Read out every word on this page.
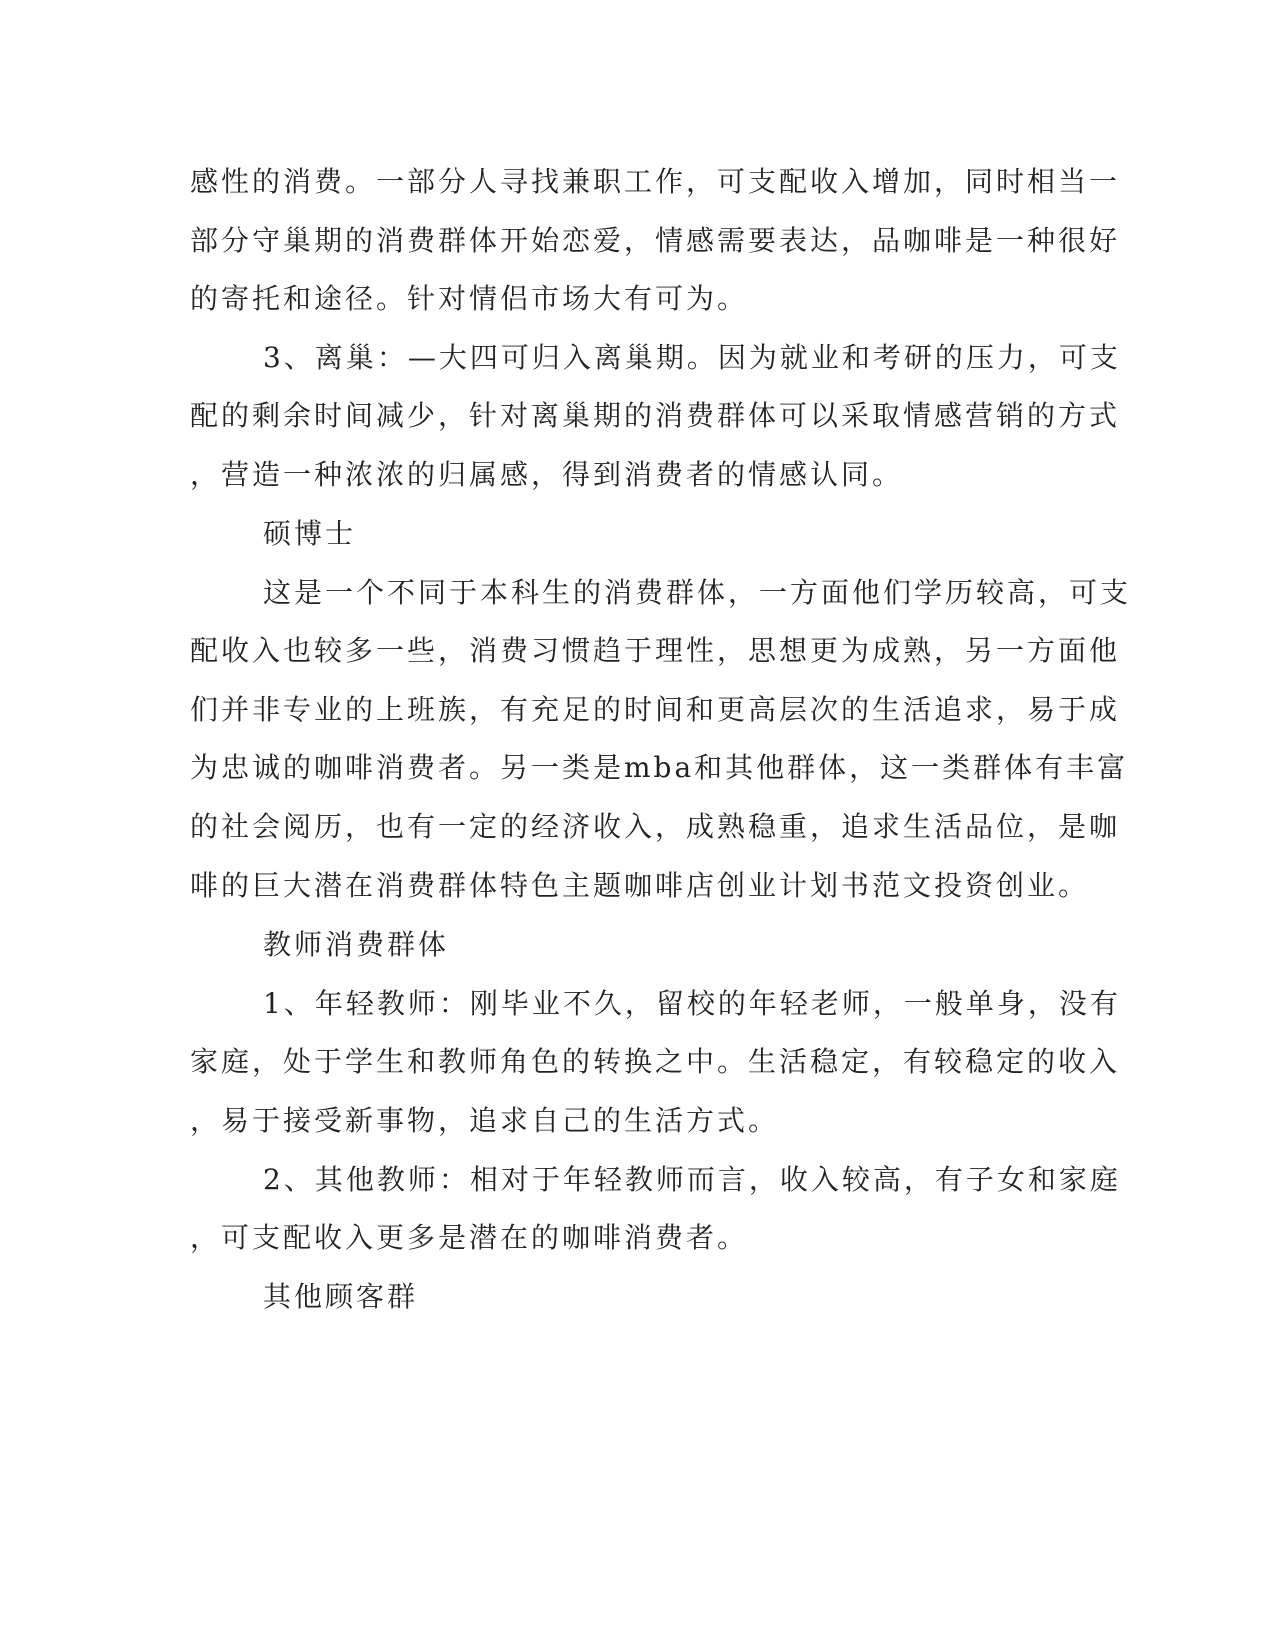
感性的消费。一部分人寻找兼职工作，可支配收入增加，同时相当一
部分守巢期的消费群体开始恋爱，情感需要表达，品咖啡是一种很好
的寄托和途径。针对情侣市场大有可为。
3、离巢：—大四可归入离巢期。因为就业和考研的压力，可支
配的剩余时间减少，针对离巢期的消费群体可以采取情感营销的方式
，营造一种浓浓的归属感，得到消费者的情感认同。
硕博士
这是一个不同于本科生的消费群体，一方面他们学历较高，可支
配收入也较多一些，消费习惯趋于理性，思想更为成熟，另一方面他
们并非专业的上班族，有充足的时间和更高层次的生活追求，易于成
为忠诚的咖啡消费者。另一类是mba和其他群体，这一类群体有丰富
的社会阅历，也有一定的经济收入，成熟稳重，追求生活品位，是咖
啡的巨大潜在消费群体特色主题咖啡店创业计划书范文投资创业。
教师消费群体
1、年轻教师：刚毕业不久，留校的年轻老师，一般单身，没有
家庭，处于学生和教师角色的转换之中。生活稳定，有较稳定的收入
，易于接受新事物，追求自己的生活方式。
2、其他教师：相对于年轻教师而言，收入较高，有子女和家庭
，可支配收入更多是潜在的咖啡消费者。
其他顾客群
